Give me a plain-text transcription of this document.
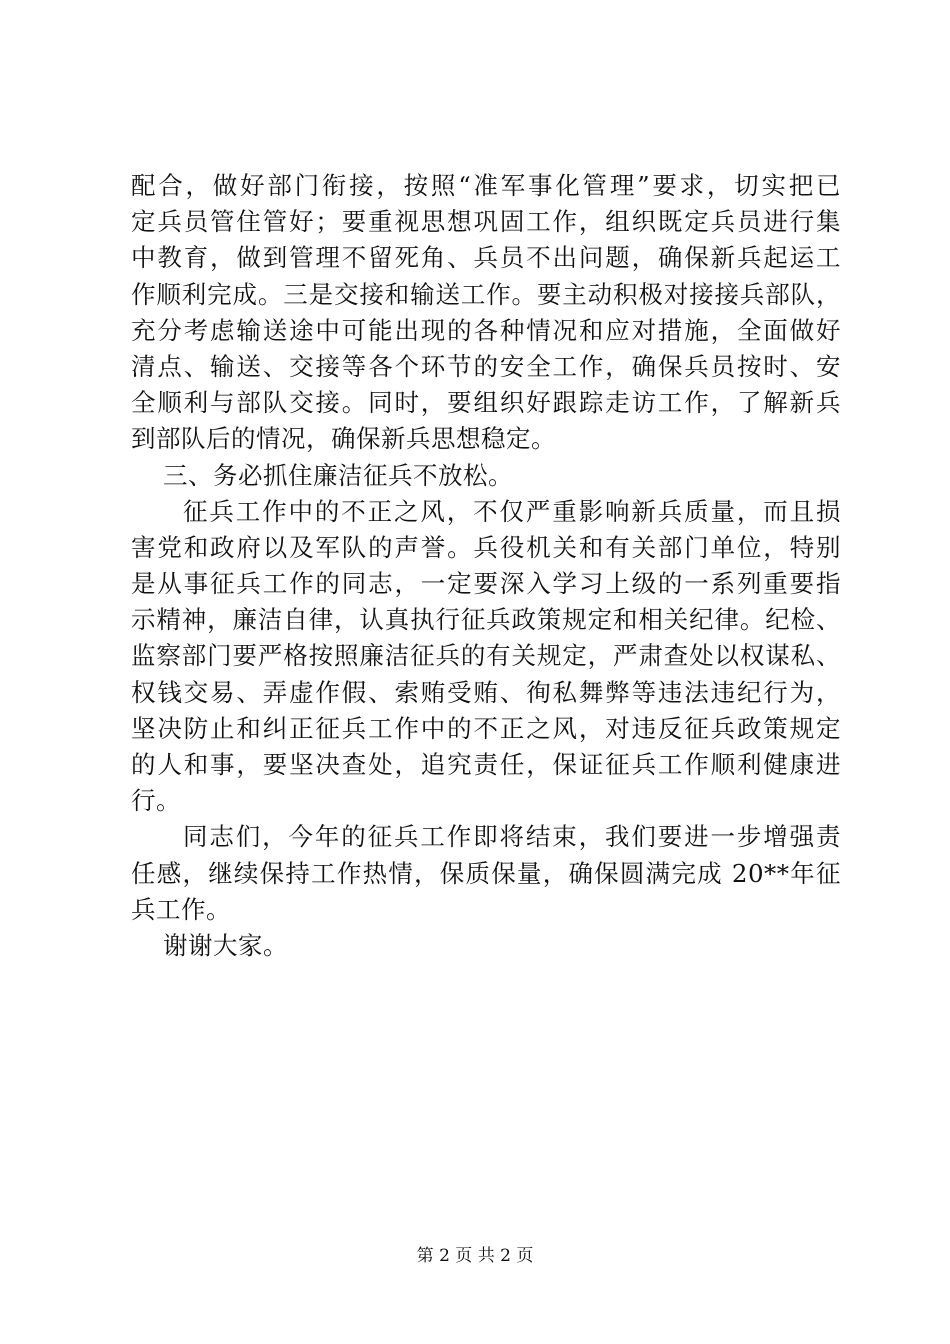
配合，做好部门衔接，按照“准军事化管理”要求，切实把已
定兵员管住管好；要重视思想巩固工作，组织既定兵员进行集
中教育，做到管理不留死角、兵员不出问题，确保新兵起运工
作顺利完成。三是交接和输送工作。要主动积极对接接兵部队，
充分考虑输送途中可能出现的各种情况和应对措施，全面做好
清点、输送、交接等各个环节的安全工作，确保兵员按时、安
全顺利与部队交接。同时，要组织好跟踪走访工作，了解新兵
到部队后的情况，确保新兵思想稳定。
三、务必抓住廉洁征兵不放松。
征兵工作中的不正之风，不仅严重影响新兵质量，而且损
害党和政府以及军队的声誉。兵役机关和有关部门单位，特别
是从事征兵工作的同志，一定要深入学习上级的一系列重要指
示精神，廉洁自律，认真执行征兵政策规定和相关纪律。纪检、
监察部门要严格按照廉洁征兵的有关规定，严肃查处以权谋私、
权钱交易、弄虚作假、索贿受贿、徇私舞弊等违法违纪行为，
坚决防止和纠正征兵工作中的不正之风，对违反征兵政策规定
的人和事，要坚决查处，追究责任，保证征兵工作顺利健康进
行。
同志们，今年的征兵工作即将结束，我们要进一步增强责
任感，继续保持工作热情，保质保量，确保圆满完成 20**年征
兵工作。
谢谢大家。
第 2 页 共 2 页
